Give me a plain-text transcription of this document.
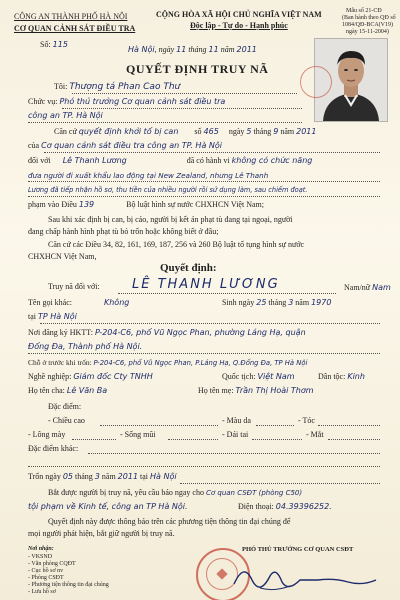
CÔNG AN THÀNH PHỐ HÀ NỘI
CƠ QUAN CẢNH SÁT ĐIỀU TRA
Số: 115
CỘNG HÒA XÃ HỘI CHỦ NGHĨA VIỆT NAM
Độc lập - Tự do - Hạnh phúc
Mẫu số 21-CĐ
(Ban hành theo QĐ số
1084/QĐ-BCA(V19)
ngày 15-11-2004)
Hà Nội, ngày 11 tháng 11 năm 2011
QUYẾT ĐỊNH TRUY NÃ
Tôi: Thượng tá Phan Cao Thư
Chức vụ: Phó thủ trưởng Cơ quan cảnh sát điều tra
công an TP. Hà Nội
Căn cứ quyết định khởi tố bị can số 465 ngày 5 tháng 9 năm 2011
của Cơ quan cảnh sát điều tra công an TP. Hà Nội
đối với Lê Thanh Lương	đã có hành vi không có chức năng
đưa người đi xuất khẩu lao động tại New Zealand, nhưng Lê Thanh
Lương đã tiếp nhận hồ sơ, thu tiền của nhiều người rồi sử dụng làm, sau chiếm đoạt.
phạm vào Điều 139	Bộ luật hình sự nước CHXHCN Việt Nam;
Sau khi xác định bị can, bị cáo, người bị kết án phạt tù đang tại ngoại, người
đang chấp hành hình phạt tù bỏ trốn hoặc không biết ở đâu;
Căn cứ các Điều 34, 82, 161, 169, 187, 256 và 260 Bộ luật tố tụng hình sự nước
CHXHCN Việt Nam,
Quyết định:
Truy nã đối với: LÊ THANH LƯƠNG	Nam/nữ Nam
Tên gọi khác:	Không	Sinh ngày 25 tháng 3 năm 1970
tại TP Hà Nội
Nơi đăng ký HKTT: P-204-C6, phố Vũ Ngọc Phan, phường Láng Hạ, quận
Đống Đa, Thành phố Hà Nội.
Chỗ ở trước khi trốn: P-204-C6, phố Vũ Ngọc Phan, P.Láng Hạ, Q.Đống Đa, TP Hà Nội
Nghề nghiệp: Giám đốc Cty TNHH	Quốc tịch: Việt Nam	Dân tộc: Kinh
Họ tên cha: Lê Văn Ba	Họ tên mẹ: Trần Thị Hoài Thơm
Đặc điểm:
- Chiều cao	- Màu da	- Tóc
- Lông mày	- Sống mũi	- Dái tai	- Mắt
Đặc điểm khác:
Trốn ngày 05 tháng 3 năm 2011 tại Hà Nội
Bắt được người bị truy nã, yêu cầu báo ngay cho Cơ quan CSĐT (phòng C50)
tội phạm về Kinh tế, công an TP Hà Nội.	Điện thoại: 04.39396252.
Quyết định này được thông báo trên các phương tiện thông tin đại chúng để
mọi người phát hiện, bắt giữ người bị truy nã.
PHÓ THỦ TRƯỞNG CƠ QUAN CSĐT
Nơi nhận:
- VKSND
- Văn phòng CQĐT
- Cục hồ sơ nv
- Phòng CSĐT
- Phương tiện thông tin đại chúng
- Lưu hồ sơ
